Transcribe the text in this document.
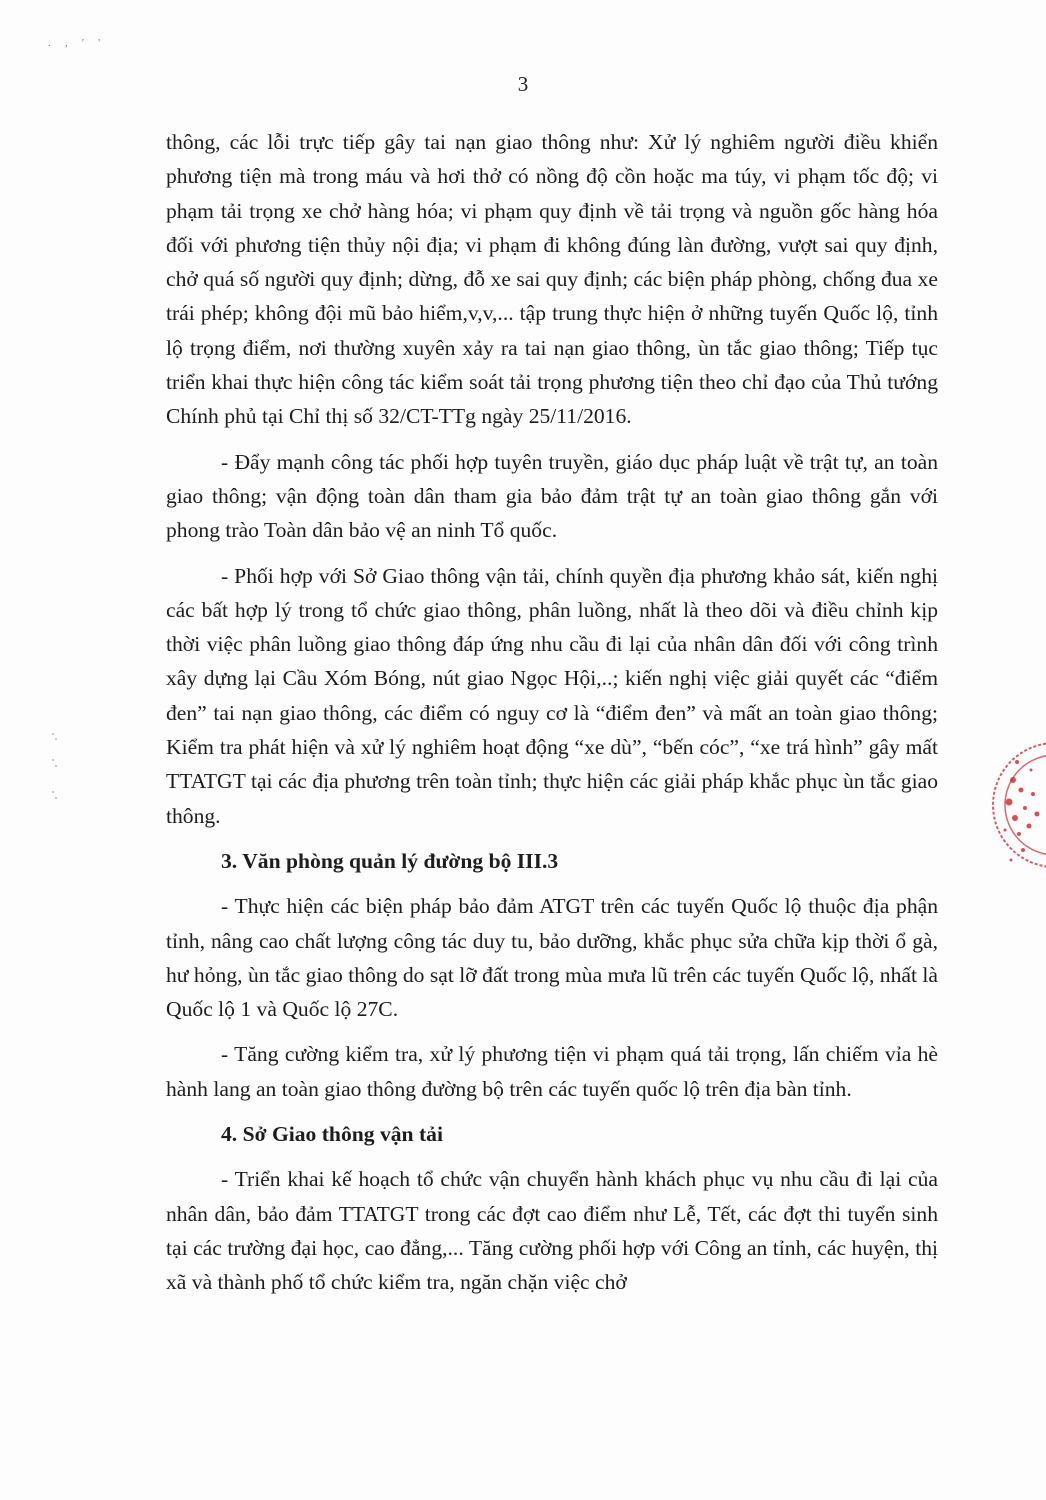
. , ' '
3

thông, các lỗi trực tiếp gây tai nạn giao thông như: Xử lý nghiêm người điều khiển phương tiện mà trong máu và hơi thở có nồng độ cồn hoặc ma túy, vi phạm tốc độ; vi phạm tải trọng xe chở hàng hóa; vi phạm quy định về tải trọng và nguồn gốc hàng hóa đối với phương tiện thủy nội địa; vi phạm đi không đúng làn đường, vượt sai quy định, chở quá số người quy định; dừng, đỗ xe sai quy định; các biện pháp phòng, chống đua xe trái phép; không đội mũ bảo hiểm,v,v,... tập trung thực hiện ở những tuyến Quốc lộ, tỉnh lộ trọng điểm, nơi thường xuyên xảy ra tai nạn giao thông, ùn tắc giao thông; Tiếp tục triển khai thực hiện công tác kiểm soát tải trọng phương tiện theo chỉ đạo của Thủ tướng Chính phủ tại Chỉ thị số 32/CT-TTg ngày 25/11/2016.

- Đẩy mạnh công tác phối hợp tuyên truyền, giáo dục pháp luật về trật tự, an toàn giao thông; vận động toàn dân tham gia bảo đảm trật tự an toàn giao thông gắn với phong trào Toàn dân bảo vệ an ninh Tổ quốc.

- Phối hợp với Sở Giao thông vận tải, chính quyền địa phương khảo sát, kiến nghị các bất hợp lý trong tổ chức giao thông, phân luồng, nhất là theo dõi và điều chỉnh kịp thời việc phân luồng giao thông đáp ứng nhu cầu đi lại của nhân dân đối với công trình xây dựng lại Cầu Xóm Bóng, nút giao Ngọc Hội,..; kiến nghị việc giải quyết các “điểm đen” tai nạn giao thông, các điểm có nguy cơ là “điểm đen” và mất an toàn giao thông; Kiểm tra phát hiện và xử lý nghiêm hoạt động “xe dù”, “bến cóc”, “xe trá hình” gây mất TTATGT tại các địa phương trên toàn tỉnh; thực hiện các giải pháp khắc phục ùn tắc giao thông.

3. Văn phòng quản lý đường bộ III.3

- Thực hiện các biện pháp bảo đảm ATGT trên các tuyến Quốc lộ thuộc địa phận tỉnh, nâng cao chất lượng công tác duy tu, bảo dưỡng, khắc phục sửa chữa kịp thời ổ gà, hư hỏng, ùn tắc giao thông do sạt lỡ đất trong mùa mưa lũ trên các tuyến Quốc lộ, nhất là Quốc lộ 1 và Quốc lộ 27C.

- Tăng cường kiểm tra, xử lý phương tiện vi phạm quá tải trọng, lấn chiếm vỉa hè hành lang an toàn giao thông đường bộ trên các tuyến quốc lộ trên địa bàn tỉnh.

4. Sở Giao thông vận tải

- Triển khai kế hoạch tổ chức vận chuyển hành khách phục vụ nhu cầu đi lại của nhân dân, bảo đảm TTATGT trong các đợt cao điểm như Lễ, Tết, các đợt thi tuyển sinh tại các trường đại học, cao đẳng,... Tăng cường phối hợp với Công an tỉnh, các huyện, thị xã và thành phố tổ chức kiểm tra, ngăn chặn việc chở
